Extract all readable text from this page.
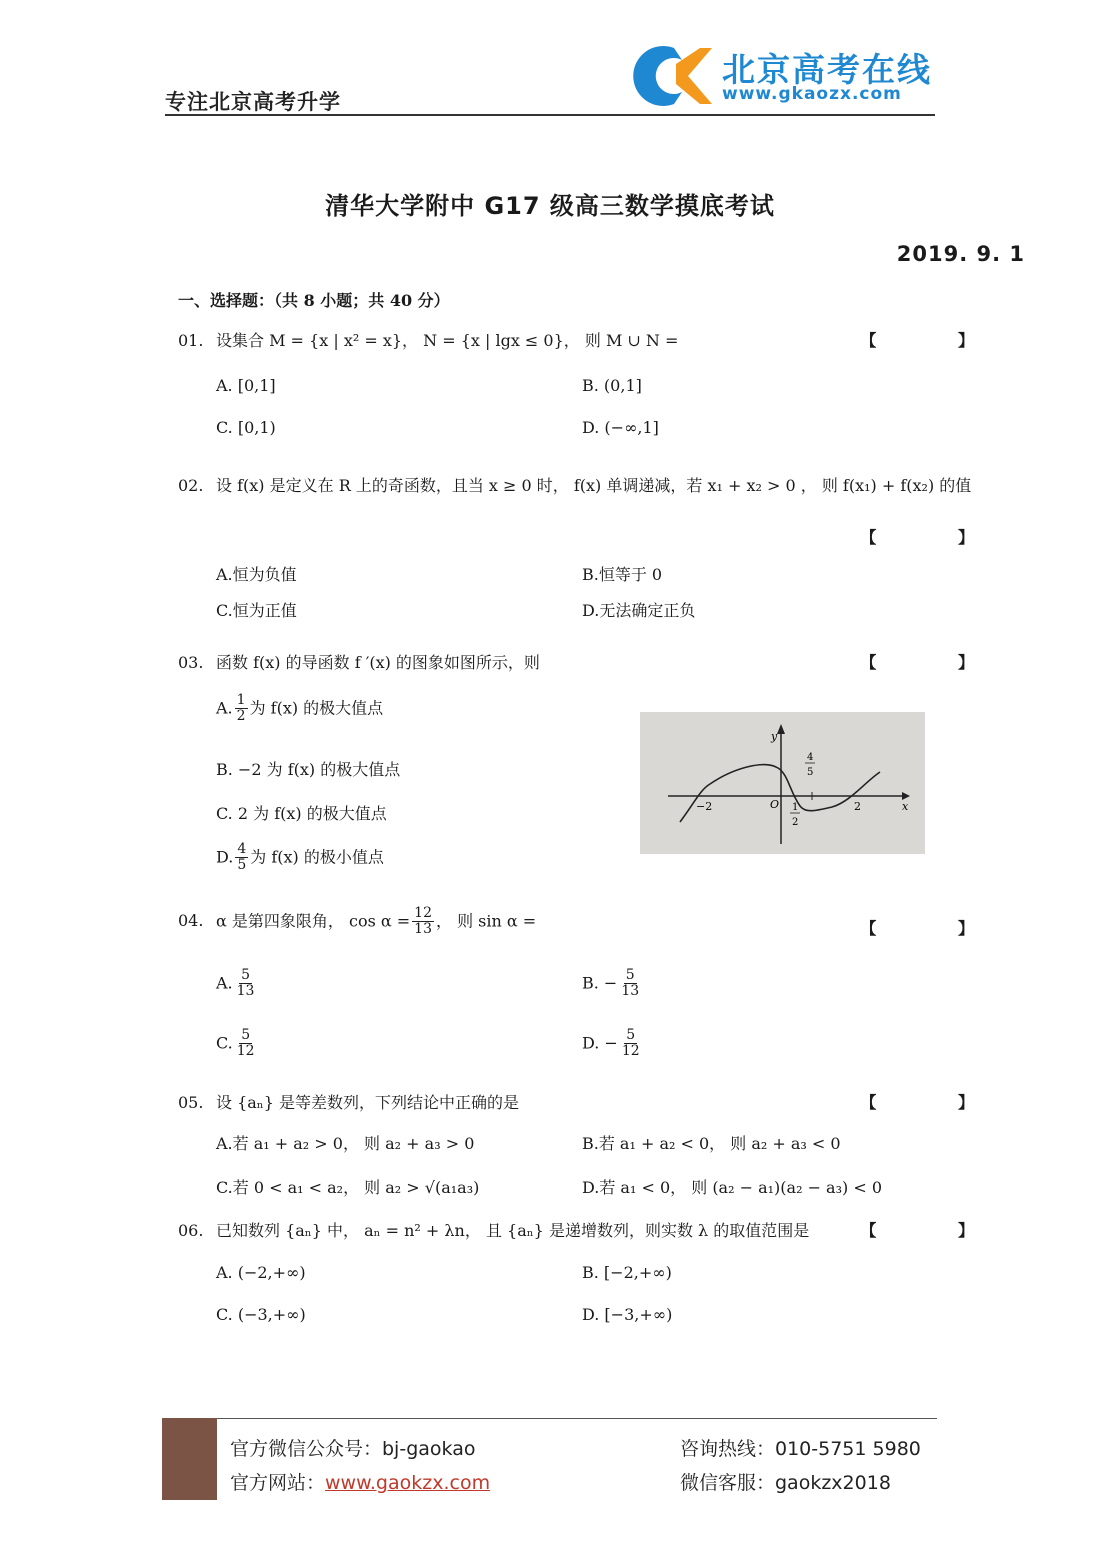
专注北京高考升学
北京高考在线
www.gkaozx.com
清华大学附中 G17 级高三数学摸底考试
2019. 9. 1
一、选择题：（共 8 小题；共 40 分）
01. 设集合 M = {x | x² = x}， N = {x | lgx ≤ 0}， 则 M ∪ N =	【 】
A. [0,1]	B. (0,1]
C. [0,1)	D. (−∞,1]
02. 设 f(x) 是定义在 R 上的奇函数，且当 x ≥ 0 时， f(x) 单调递减，若 x₁ + x₂ > 0 ， 则 f(x₁) + f(x₂) 的值
【 】
A.恒为负值	B.恒等于 0
C.恒为正值	D.无法确定正负
03. 函数 f(x) 的导函数 f ′(x) 的图象如图所示，则	【 】
A. $\frac{1}{2}$ 为 f(x) 的极大值点
B. −2 为 f(x) 的极大值点
C. 2 为 f(x) 的极大值点
D. $\frac{4}{5}$ 为 f(x) 的极小值点
y
x
O
−2	2
1
2
4
5
04. α 是第四象限角， $\cos \alpha = \frac{12}{13}$ ， 则 sin α =	【 】
A. $\frac{5}{13}$	B. − $\frac{5}{13}$
C. $\frac{5}{12}$	D. − $\frac{5}{12}$
05. 设 {aₙ} 是等差数列，下列结论中正确的是	【 】
A.若 a₁ + a₂ > 0， 则 a₂ + a₃ > 0	B.若 a₁ + a₂ < 0， 则 a₂ + a₃ < 0
C.若 0 < a₁ < a₂， 则 a₂ > √(a₁a₃)	D.若 a₁ < 0， 则 (a₂ − a₁)(a₂ − a₃) < 0
06. 已知数列 {aₙ} 中， aₙ = n² + λn， 且 {aₙ} 是递增数列，则实数 λ 的取值范围是	【 】
A. (−2,+∞)	B. [−2,+∞)
C. (−3,+∞)	D. [−3,+∞)
官方微信公众号：bj-gaokao
官方网站：www.gaokzx.com
咨询热线：010-5751 5980
微信客服：gaokzx2018
